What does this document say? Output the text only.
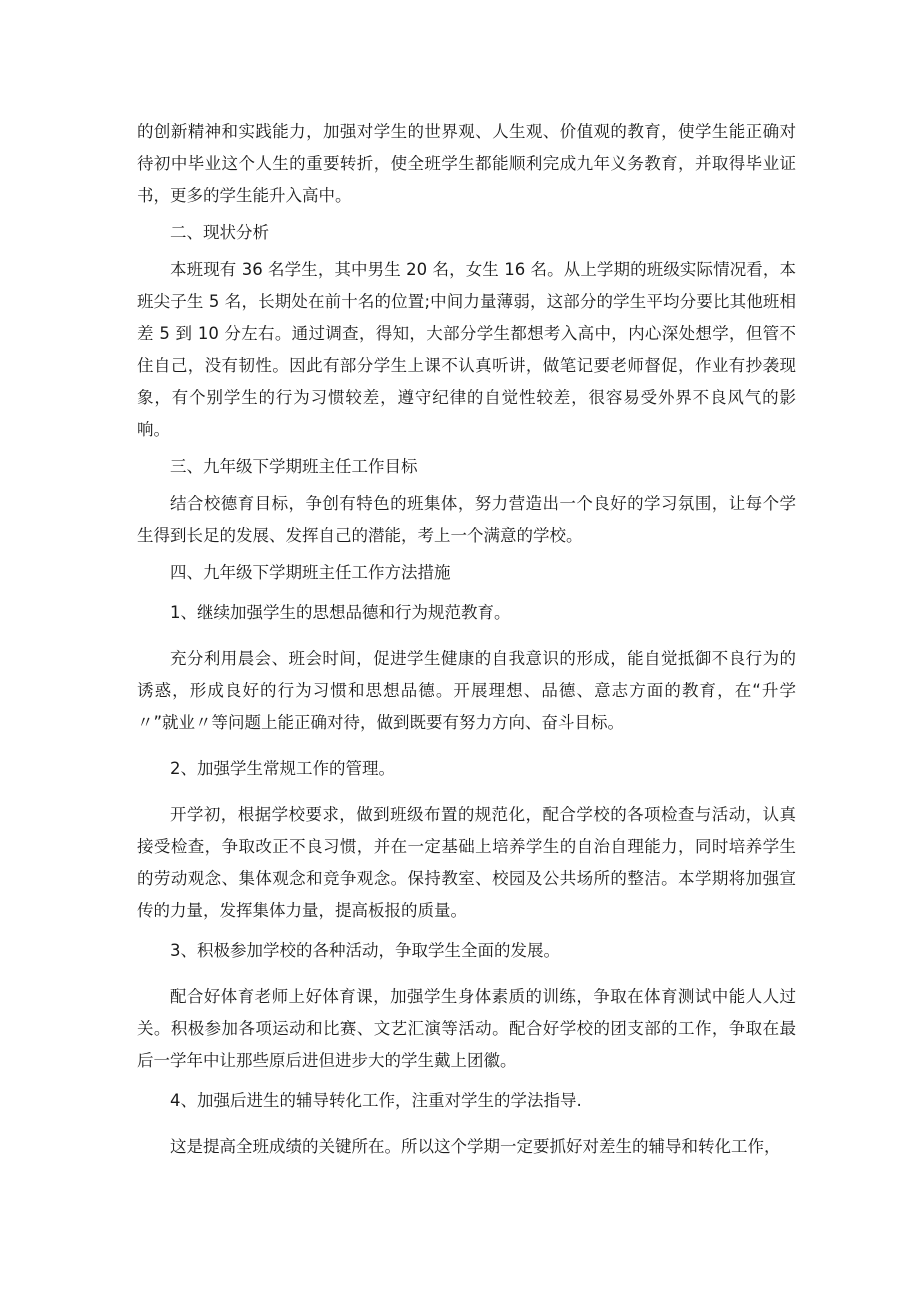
的创新精神和实践能力，加强对学生的世界观、人生观、价值观的教育，使学生能正确对待初中毕业这个人生的重要转折，使全班学生都能顺利完成九年义务教育，并取得毕业证书，更多的学生能升入高中。

二、现状分析

本班现有 36 名学生，其中男生 20 名，女生 16 名。从上学期的班级实际情况看，本班尖子生 5 名，长期处在前十名的位置;中间力量薄弱，这部分的学生平均分要比其他班相差 5 到 10 分左右。通过调查，得知，大部分学生都想考入高中，内心深处想学，但管不住自己，没有韧性。因此有部分学生上课不认真听讲，做笔记要老师督促，作业有抄袭现象，有个别学生的行为习惯较差，遵守纪律的自觉性较差，很容易受外界不良风气的影响。

三、九年级下学期班主任工作目标

结合校德育目标，争创有特色的班集体，努力营造出一个良好的学习氛围，让每个学生得到长足的发展、发挥自己的潜能，考上一个满意的学校。

四、九年级下学期班主任工作方法措施

1、继续加强学生的思想品德和行为规范教育。

充分利用晨会、班会时间，促进学生健康的自我意识的形成，能自觉抵御不良行为的诱惑，形成良好的行为习惯和思想品德。开展理想、品德、意志方面的教育，在“升学〃”就业〃等问题上能正确对待，做到既要有努力方向、奋斗目标。

2、加强学生常规工作的管理。

开学初，根据学校要求，做到班级布置的规范化，配合学校的各项检查与活动，认真接受检查，争取改正不良习惯，并在一定基础上培养学生的自治自理能力，同时培养学生的劳动观念、集体观念和竞争观念。保持教室、校园及公共场所的整洁。本学期将加强宣传的力量，发挥集体力量，提高板报的质量。

3、积极参加学校的各种活动，争取学生全面的发展。

配合好体育老师上好体育课，加强学生身体素质的训练，争取在体育测试中能人人过关。积极参加各项运动和比赛、文艺汇演等活动。配合好学校的团支部的工作，争取在最后一学年中让那些原后进但进步大的学生戴上团徽。

4、加强后进生的辅导转化工作，注重对学生的学法指导.

这是提高全班成绩的关键所在。所以这个学期一定要抓好对差生的辅导和转化工作，
